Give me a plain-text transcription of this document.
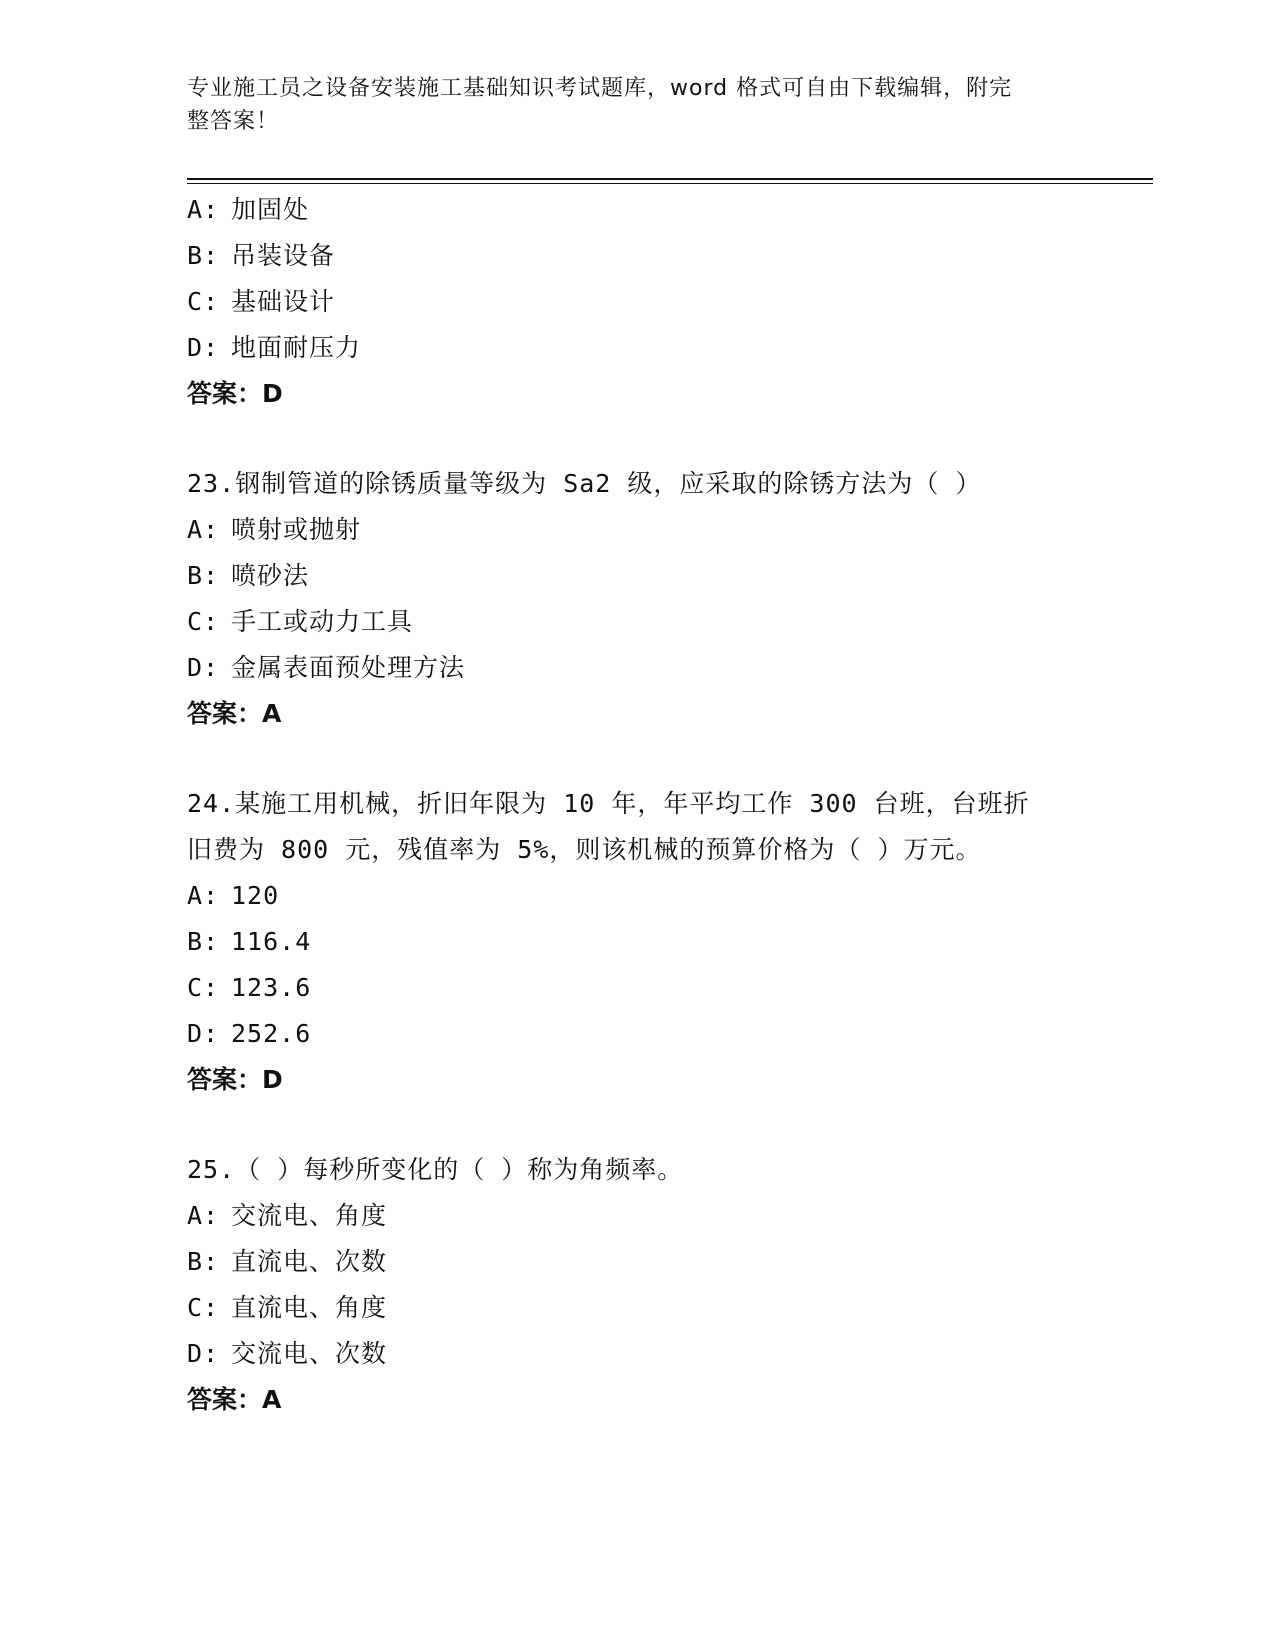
专业施工员之设备安装施工基础知识考试题库，word 格式可自由下载编辑，附完
整答案！
A: 加固处
B: 吊装设备
C: 基础设计
D: 地面耐压力
答案：D
23.钢制管道的除锈质量等级为 Sa2 级，应采取的除锈方法为（ ）
A: 喷射或抛射
B: 喷砂法
C: 手工或动力工具
D: 金属表面预处理方法
答案：A
24.某施工用机械，折旧年限为 10 年，年平均工作 300 台班，台班折
旧费为 800 元，残值率为 5%，则该机械的预算价格为（ ）万元。
A: 120
B: 116.4
C: 123.6
D: 252.6
答案：D
25.（ ）每秒所变化的（ ）称为角频率。
A: 交流电、角度
B: 直流电、次数
C: 直流电、角度
D: 交流电、次数
答案：A
